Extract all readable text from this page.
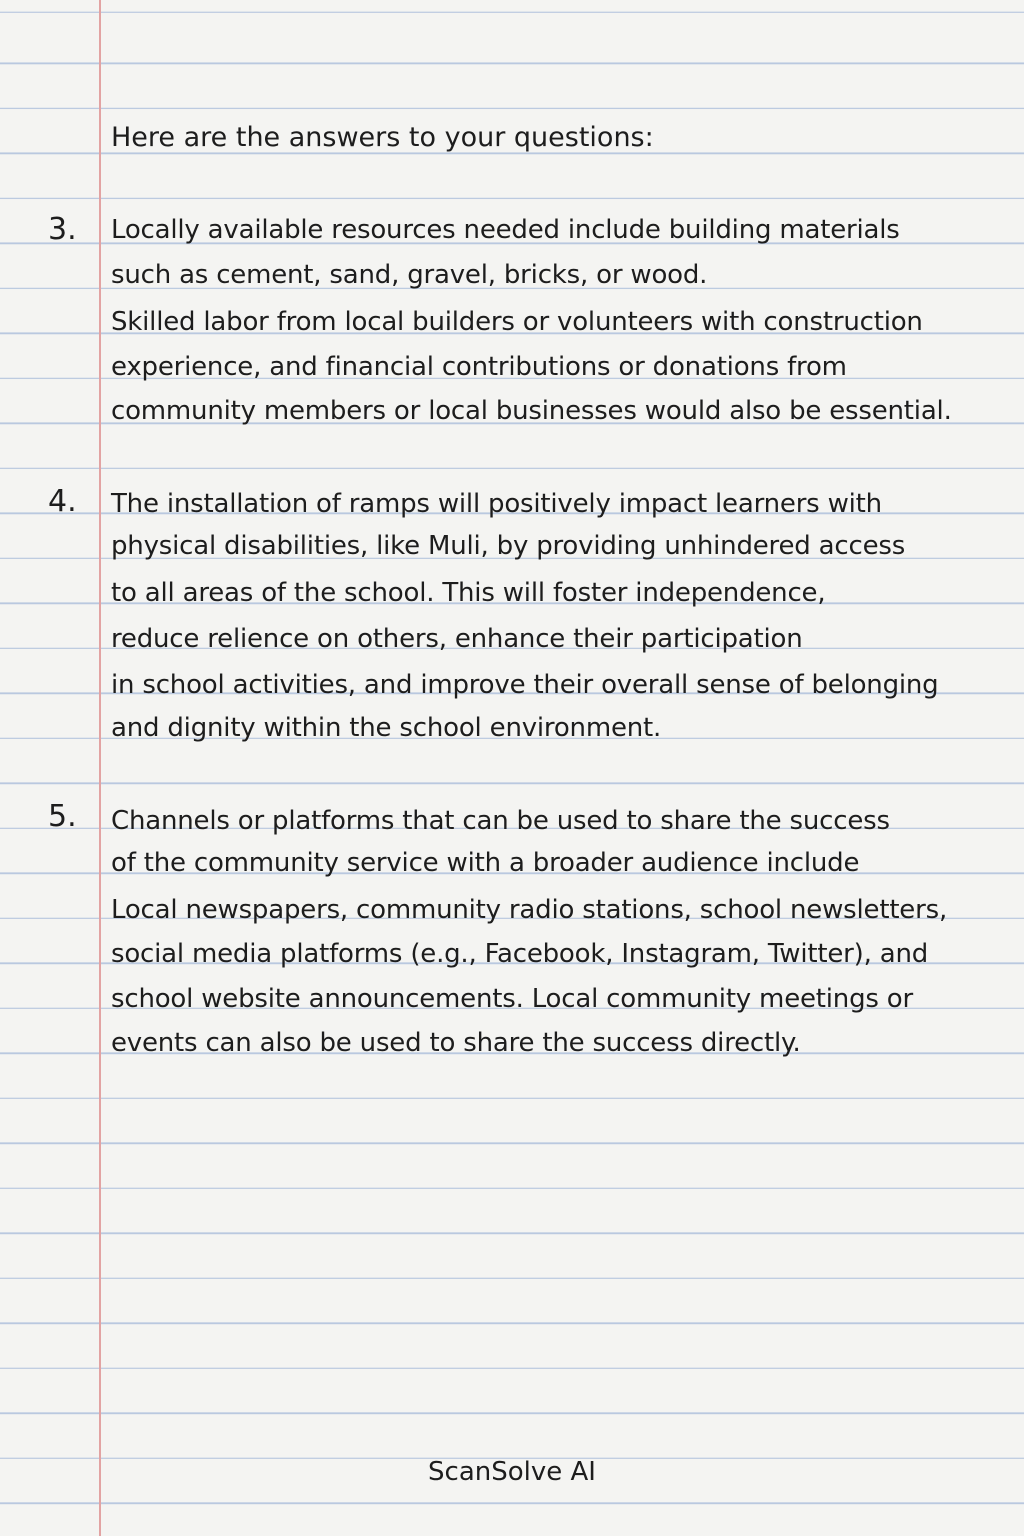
Here are the answers to your questions:
3. Locally available resources needed include building materials
such as cement, sand, gravel, bricks, or wood.
Skilled labor from local builders or volunteers with construction
experience, and financial contributions or donations from
community members or local businesses would also be essential.
4. The installation of ramps will positively impact learners with
physical disabilities, like Muli, by providing unhindered access
to all areas of the school. This will foster independence,
reduce relience on others, enhance their participation
in school activities, and improve their overall sense of belonging
and dignity within the school environment.
5. Channels or platforms that can be used to share the success
of the community service with a broader audience include
Local newspapers, community radio stations, school newsletters,
social media platforms (e.g., Facebook, Instagram, Twitter), and
school website announcements. Local community meetings or
events can also be used to share the success directly.
ScanSolve AI
